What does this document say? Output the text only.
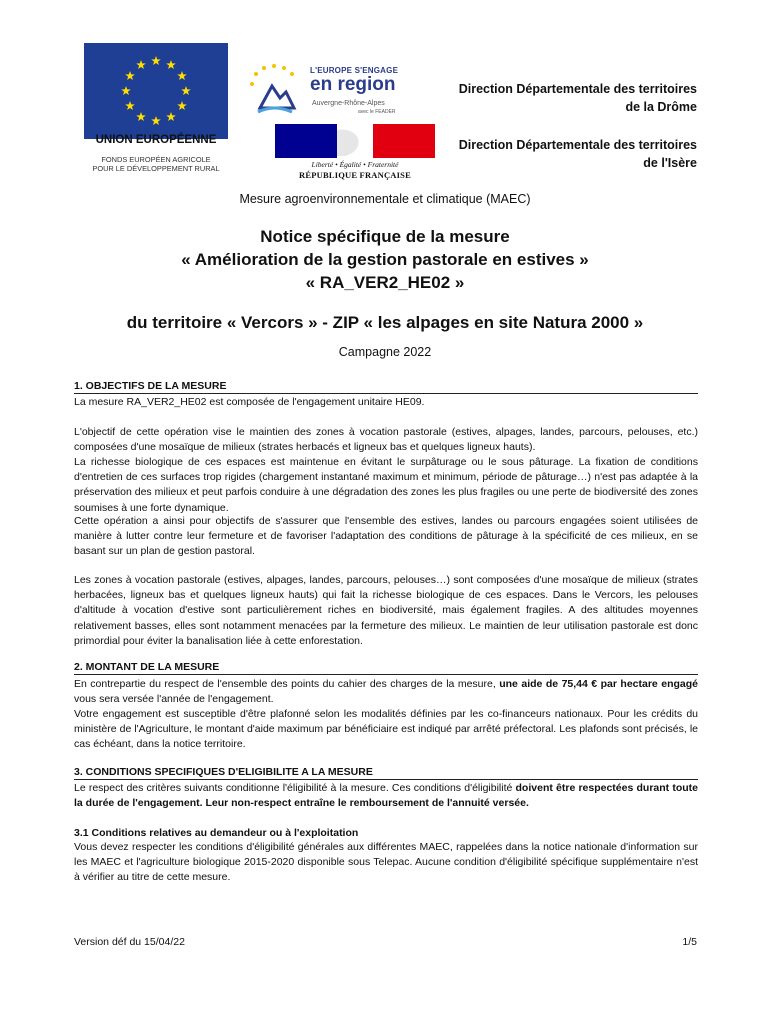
UNION EUROPÉENNE
FONDS EUROPÉEN AGRICOLE
POUR LE DÉVELOPPEMENT RURAL
L'EUROPE S'ENGAGE
en region
Auvergne-Rhône-Alpes
avec le FEADER
Liberté • Égalité • Fraternité
RÉPUBLIQUE FRANÇAISE
Direction Départementale des territoires
de la Drôme
Direction Départementale des territoires
de l'Isère
Mesure agroenvironnementale et climatique (MAEC)
Notice spécifique de la mesure
« Amélioration de la gestion pastorale en estives »
« RA_VER2_HE02 »
du territoire « Vercors » - ZIP « les alpages en site Natura 2000 »
Campagne 2022
1. OBJECTIFS DE LA MESURE
La mesure RA_VER2_HE02 est composée de l'engagement unitaire HE09.
L'objectif de cette opération vise le maintien des zones à vocation pastorale (estives, alpages, landes, parcours, pelouses, etc.) composées d'une mosaïque de milieux (strates herbacés et ligneux bas et quelques ligneux hauts).
La richesse biologique de ces espaces est maintenue en évitant le surpâturage ou le sous pâturage. La fixation de conditions d'entretien de ces surfaces trop rigides (chargement instantané maximum et minimum, période de pâturage…) n'est pas adaptée à la préservation des milieux et peut parfois conduire à une dégradation des zones les plus fragiles ou une perte de biodiversité des zones soumises à une forte dynamique.
Cette opération a ainsi pour objectifs de s'assurer que l'ensemble des estives, landes ou parcours engagées soient utilisées de manière à lutter contre leur fermeture et de favoriser l'adaptation des conditions de pâturage à la spécificité de ces milieux, en se basant sur un plan de gestion pastoral.
Les zones à vocation pastorale (estives, alpages, landes, parcours, pelouses…) sont composées d'une mosaïque de milieux (strates herbacées, ligneux bas et quelques ligneux hauts) qui fait la richesse biologique de ces espaces. Dans le Vercors, les pelouses d'altitude à vocation d'estive sont particulièrement riches en biodiversité, mais également fragiles. A des altitudes moyennes relativement basses, elles sont notamment menacées par la fermeture des milieux. Le maintien de leur utilisation pastorale est donc primordial pour éviter la banalisation liée à cette enforestation.
2. MONTANT DE LA MESURE
En contrepartie du respect de l'ensemble des points du cahier des charges de la mesure, une aide de 75,44 € par hectare engagé vous sera versée l'année de l'engagement.
Votre engagement est susceptible d'être plafonné selon les modalités définies par les co-financeurs nationaux. Pour les crédits du ministère de l'Agriculture, le montant d'aide maximum par bénéficiaire est indiqué par arrêté préfectoral. Les plafonds sont précisés, le cas échéant, dans la notice territoire.
3. CONDITIONS SPECIFIQUES D'ELIGIBILITE A LA MESURE
Le respect des critères suivants conditionne l'éligibilité à la mesure. Ces conditions d'éligibilité doivent être respectées durant toute la durée de l'engagement. Leur non-respect entraîne le remboursement de l'annuité versée.
3.1 Conditions relatives au demandeur ou à l'exploitation
Vous devez respecter les conditions d'éligibilité générales aux différentes MAEC, rappelées dans la notice nationale d'information sur les MAEC et l'agriculture biologique 2015-2020 disponible sous Telepac. Aucune condition d'éligibilité spécifique supplémentaire n'est à vérifier au titre de cette mesure.
Version déf du 15/04/22	1/5
